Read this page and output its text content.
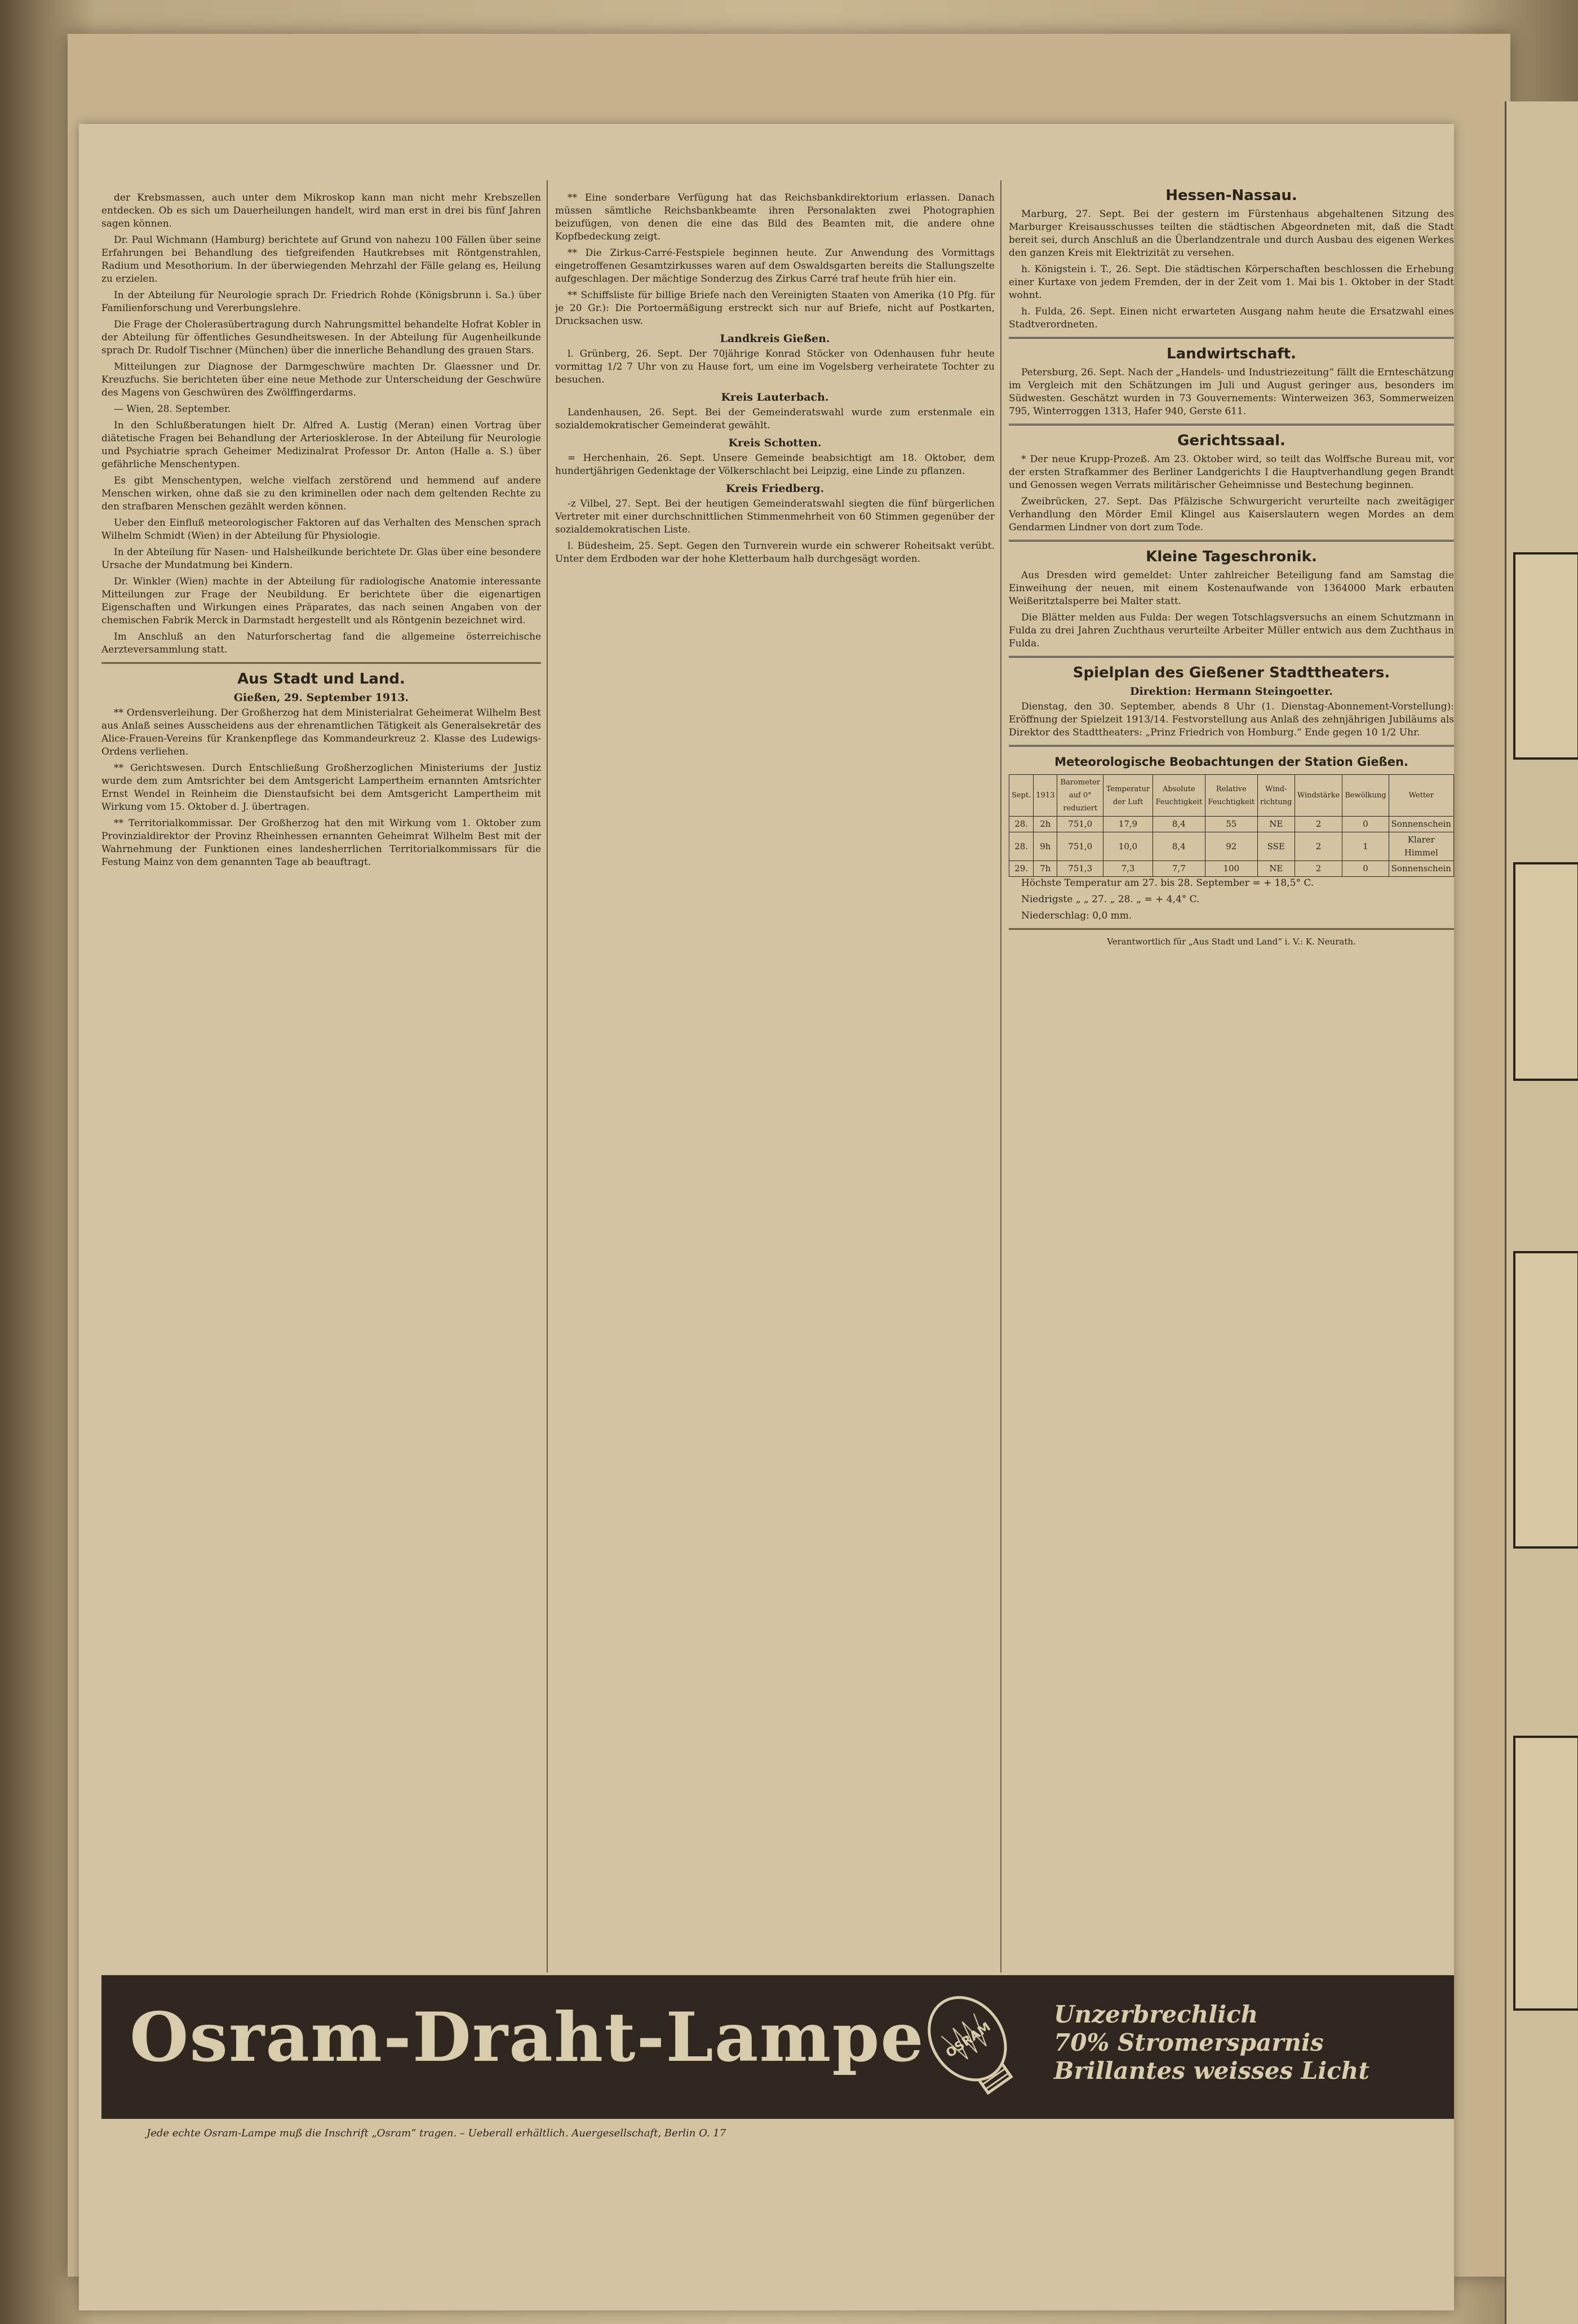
der Krebsmassen, auch unter dem Mikroskop kann man nicht mehr Krebszellen entdecken. Ob es sich um Dauerheilungen handelt, wird man erst in drei bis fünf Jahren sagen können.

Dr. Paul Wichmann (Hamburg) berichtete auf Grund von nahezu 100 Fällen über seine Erfahrungen bei Behandlung des tiefgreifenden Hautkrebses mit Röntgenstrahlen, Radium und Mesothorium. In der überwiegenden Mehrzahl der Fälle gelang es, Heilung zu erzielen.

In der Abteilung für Neurologie sprach Dr. Friedrich Rohde (Königsbrunn i. Sa.) über Familienforschung und Vererbungslehre.

Die Frage der Cholerasübertragung durch Nahrungsmittel behandelte Hofrat Kobler in der Abteilung für öffentliches Gesundheitswesen. In der Abteilung für Augenheilkunde sprach Dr. Rudolf Tischner (München) über die innerliche Behandlung des grauen Stars.

Mitteilungen zur Diagnose der Darmgeschwüre machten Dr. Glaessner und Dr. Kreuzfuchs. Sie berichteten über eine neue Methode zur Unterscheidung der Geschwüre des Magens von Geschwüren des Zwölffingerdarms.

— Wien, 28. September.

In den Schlußberatungen hielt Dr. Alfred A. Lustig (Meran) einen Vortrag über diätetische Fragen bei Behandlung der Arteriosklerose. In der Abteilung für Neurologie und Psychiatrie sprach Geheimer Medizinalrat Professor Dr. Anton (Halle a. S.) über gefährliche Menschentypen.

Es gibt Menschentypen, welche vielfach zerstörend und hemmend auf andere Menschen wirken, ohne daß sie zu den kriminellen oder nach dem geltenden Rechte zu den strafbaren Menschen gezählt werden können.

Ueber den Einfluß meteorologischer Faktoren auf das Verhalten des Menschen sprach Wilhelm Schmidt (Wien) in der Abteilung für Physiologie.

In der Abteilung für Nasen- und Halsheilkunde berichtete Dr. Glas über eine besondere Ursache der Mundatmung bei Kindern.

Dr. Winkler (Wien) machte in der Abteilung für radiologische Anatomie interessante Mitteilungen zur Frage der Neubildung. Er berichtete über die eigenartigen Eigenschaften und Wirkungen eines Präparates, das nach seinen Angaben von der chemischen Fabrik Merck in Darmstadt hergestellt und als Röntgenin bezeichnet wird.

Im Anschluß an den Naturforschertag fand die allgemeine österreichische Aerzteversammlung statt.

Aus Stadt und Land.
Gießen, 29. September 1913.

** Ordensverleihung. Der Großherzog hat dem Ministerialrat Geheimerat Wilhelm Best aus Anlaß seines Ausscheidens aus der ehrenamtlichen Tätigkeit als Generalsekretär des Alice-Frauen-Vereins für Krankenpflege das Kommandeurkreuz 2. Klasse des Ludewigs-Ordens verliehen.

** Gerichtswesen. Durch Entschließung Großherzoglichen Ministeriums der Justiz wurde dem zum Amtsrichter bei dem Amtsgericht Lampertheim ernannten Amtsrichter Ernst Wendel in Reinheim die Dienstaufsicht bei dem Amtsgericht Lampertheim mit Wirkung vom 15. Oktober d. J. übertragen.

** Territorialkommissar. Der Großherzog hat den mit Wirkung vom 1. Oktober zum Provinzialdirektor der Provinz Rheinhessen ernannten Geheimrat Wilhelm Best mit der Wahrnehmung der Funktionen eines landesherrlichen Territorialkommissars für die Festung Mainz von dem genannten Tage ab beauftragt.

** Eine sonderbare Verfügung hat das Reichsbankdirektorium erlassen. Danach müssen sämtliche Reichsbankbeamte ihren Personalakten zwei Photographien beizufügen, von denen die eine das Bild des Beamten mit, die andere ohne Kopfbedeckung zeigt.

** Die Zirkus-Carré-Festspiele beginnen heute. Zur Anwendung des Vormittags eingetroffenen Gesamtzirkusses waren auf dem Oswaldsgarten bereits die Stallungszelte aufgeschlagen. Der mächtige Sonderzug des Zirkus Carré traf heute früh hier ein.

** Schiffsliste für billige Briefe nach den Vereinigten Staaten von Amerika (10 Pfg. für je 20 Gr.): Die Portoermäßigung erstreckt sich nur auf Briefe, nicht auf Postkarten, Drucksachen usw.

Landkreis Gießen.

l. Grünberg, 26. Sept. Der 70jährige Konrad Stöcker von Odenhausen fuhr heute vormittag 1/2 7 Uhr von zu Hause fort, um eine im Vogelsberg verheiratete Tochter zu besuchen.

Kreis Lauterbach.

Landenhausen, 26. Sept. Bei der Gemeinderatswahl wurde zum erstenmale ein sozialdemokratischer Gemeinderat gewählt.

Kreis Schotten.

= Herchenhain, 26. Sept. Unsere Gemeinde beabsichtigt am 18. Oktober, dem hundertjährigen Gedenktage der Völkerschlacht bei Leipzig, eine Linde zu pflanzen.

Kreis Friedberg.

-z Vilbel, 27. Sept. Bei der heutigen Gemeinderatswahl siegten die fünf bürgerlichen Vertreter mit einer durchschnittlichen Stimmenmehrheit von 60 Stimmen gegenüber der sozialdemokratischen Liste.

l. Büdesheim, 25. Sept. Gegen den Turnverein wurde ein schwerer Roheitsakt verübt. Unter dem Erdboden war der hohe Kletterbaum halb durchgesägt worden.

Hessen-Nassau.

Marburg, 27. Sept. Bei der gestern im Fürstenhaus abgehaltenen Sitzung des Marburger Kreisausschusses teilten die städtischen Abgeordneten mit, daß die Stadt bereit sei, durch Anschluß an die Überlandzentrale und durch Ausbau des eigenen Werkes den ganzen Kreis mit Elektrizität zu versehen.

h. Königstein i. T., 26. Sept. Die städtischen Körperschaften beschlossen die Erhebung einer Kurtaxe von jedem Fremden, der in der Zeit vom 1. Mai bis 1. Oktober in der Stadt wohnt.

h. Fulda, 26. Sept. Einen nicht erwarteten Ausgang nahm heute die Ersatzwahl eines Stadtverordneten.

Landwirtschaft.

Petersburg, 26. Sept. Nach der „Handels- und Industriezeitung“ fällt die Ernteschätzung im Vergleich mit den Schätzungen im Juli und August geringer aus, besonders im Südwesten. Geschätzt wurden in 73 Gouvernements: Winterweizen 363, Sommerweizen 795, Winterroggen 1313, Hafer 940, Gerste 611.

Gerichtssaal.

* Der neue Krupp-Prozeß. Am 23. Oktober wird, so teilt das Wolffsche Bureau mit, vor der ersten Strafkammer des Berliner Landgerichts I die Hauptverhandlung gegen Brandt und Genossen wegen Verrats militärischer Geheimnisse und Bestechung beginnen.

Zweibrücken, 27. Sept. Das Pfälzische Schwurgericht verurteilte nach zweitägiger Verhandlung den Mörder Emil Klingel aus Kaiserslautern wegen Mordes an dem Gendarmen Lindner von dort zum Tode.

Kleine Tageschronik.

Aus Dresden wird gemeldet: Unter zahlreicher Beteiligung fand am Samstag die Einweihung der neuen, mit einem Kostenaufwande von 1364000 Mark erbauten Weißeritztalsperre bei Malter statt.

Die Blätter melden aus Fulda: Der wegen Totschlagsversuchs an einem Schutzmann in Fulda zu drei Jahren Zuchthaus verurteilte Arbeiter Müller entwich aus dem Zuchthaus in Fulda.

Spielplan des Gießener Stadttheaters.
Direktion: Hermann Steingoetter.

Dienstag, den 30. September, abends 8 Uhr (1. Dienstag-Abonnement-Vorstellung): Eröffnung der Spielzeit 1913/14. Festvorstellung aus Anlaß des zehnjährigen Jubiläums als Direktor des Stadttheaters: „Prinz Friedrich von Homburg.“ Ende gegen 10 1/2 Uhr.

Meteorologische Beobachtungen der Station Gießen.
Sept.	1913	Barometer auf 0° reduziert	Temperatur der Luft	Absolute Feuchtigkeit	Relative Feuchtigkeit	Wind-richtung	Windstärke	Bewölkung	Wetter
28.	2h	751,0	17,9	8,4	55	NE	2	0	Sonnenschein
28.	9h	751,0	10,0	8,4	92	SSE	2	1	Klarer Himmel
29.	7h	751,3	7,3	7,7	100	NE	2	0	Sonnenschein

Höchste Temperatur am 27. bis 28. September = + 18,5° C.

Niedrigste „ „ 27. „ 28. „ = + 4,4° C.

Niederschlag: 0,0 mm.

Verantwortlich für „Aus Stadt und Land“ i. V.: K. Neurath.
Osram-Draht-Lampe OSRAM
Unzerbrechlich
70% Stromersparnis
Brillantes weisses Licht
Jede echte Osram-Lampe muß die Inschrift „Osram“ tragen. – Ueberall erhältlich. Auergesellschaft, Berlin O. 17
